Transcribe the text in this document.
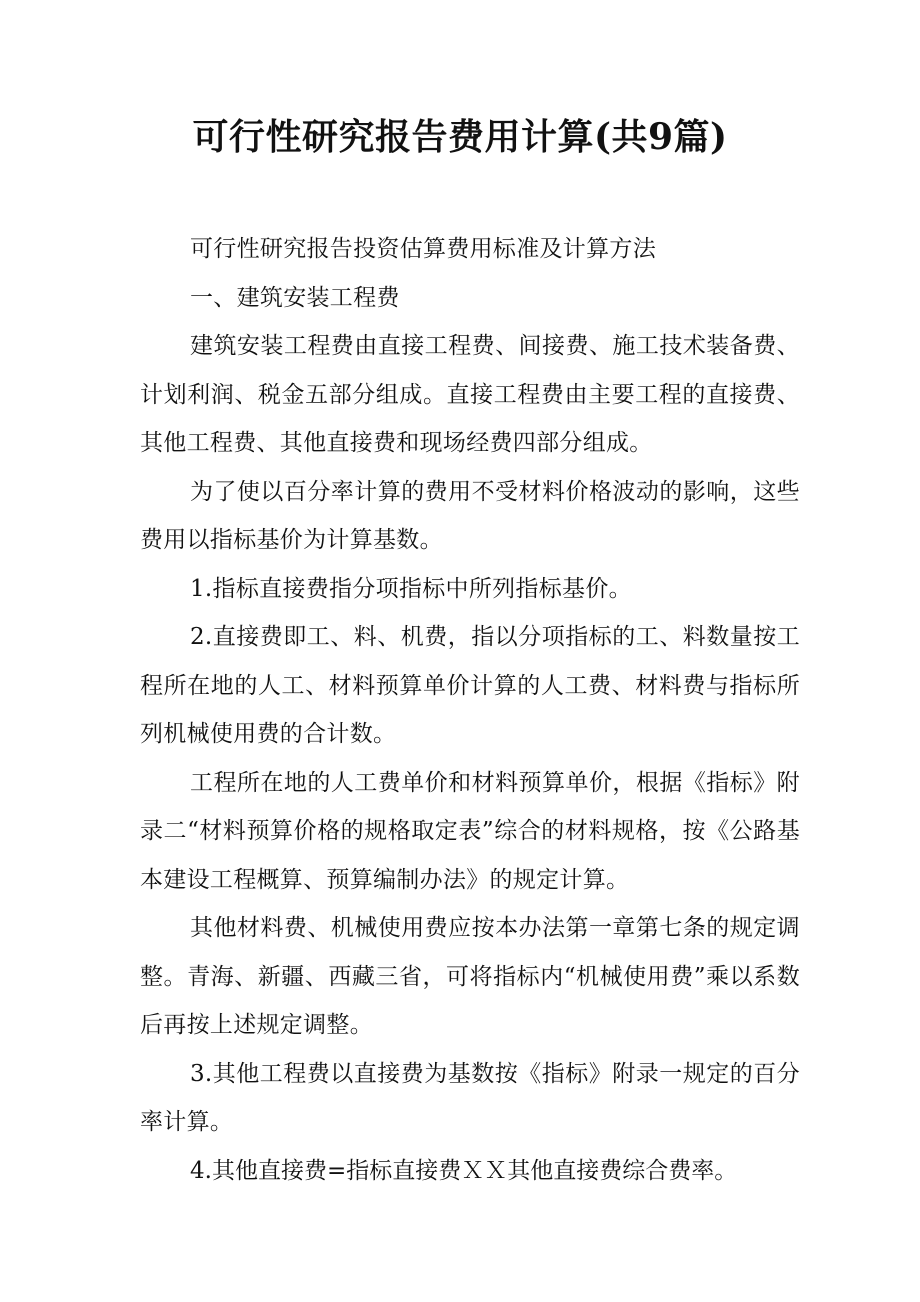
可行性研究报告费用计算(共9篇)

可行性研究报告投资估算费用标准及计算方法

一、建筑安装工程费

建筑安装工程费由直接工程费、间接费、施工技术装备费、计划利润、税金五部分组成。直接工程费由主要工程的直接费、其他工程费、其他直接费和现场经费四部分组成。

为了使以百分率计算的费用不受材料价格波动的影响，这些费用以指标基价为计算基数。

1.指标直接费指分项指标中所列指标基价。

2.直接费即工、料、机费，指以分项指标的工、料数量按工程所在地的人工、材料预算单价计算的人工费、材料费与指标所列机械使用费的合计数。

工程所在地的人工费单价和材料预算单价，根据《指标》附录二“材料预算价格的规格取定表”综合的材料规格，按《公路基本建设工程概算、预算编制办法》的规定计算。

其他材料费、机械使用费应按本办法第一章第七条的规定调整。青海、新疆、西藏三省，可将指标内“机械使用费”乘以系数后再按上述规定调整。

3.其他工程费以直接费为基数按《指标》附录一规定的百分率计算。

4.其他直接费=指标直接费ＸＸ其他直接费综合费率。
